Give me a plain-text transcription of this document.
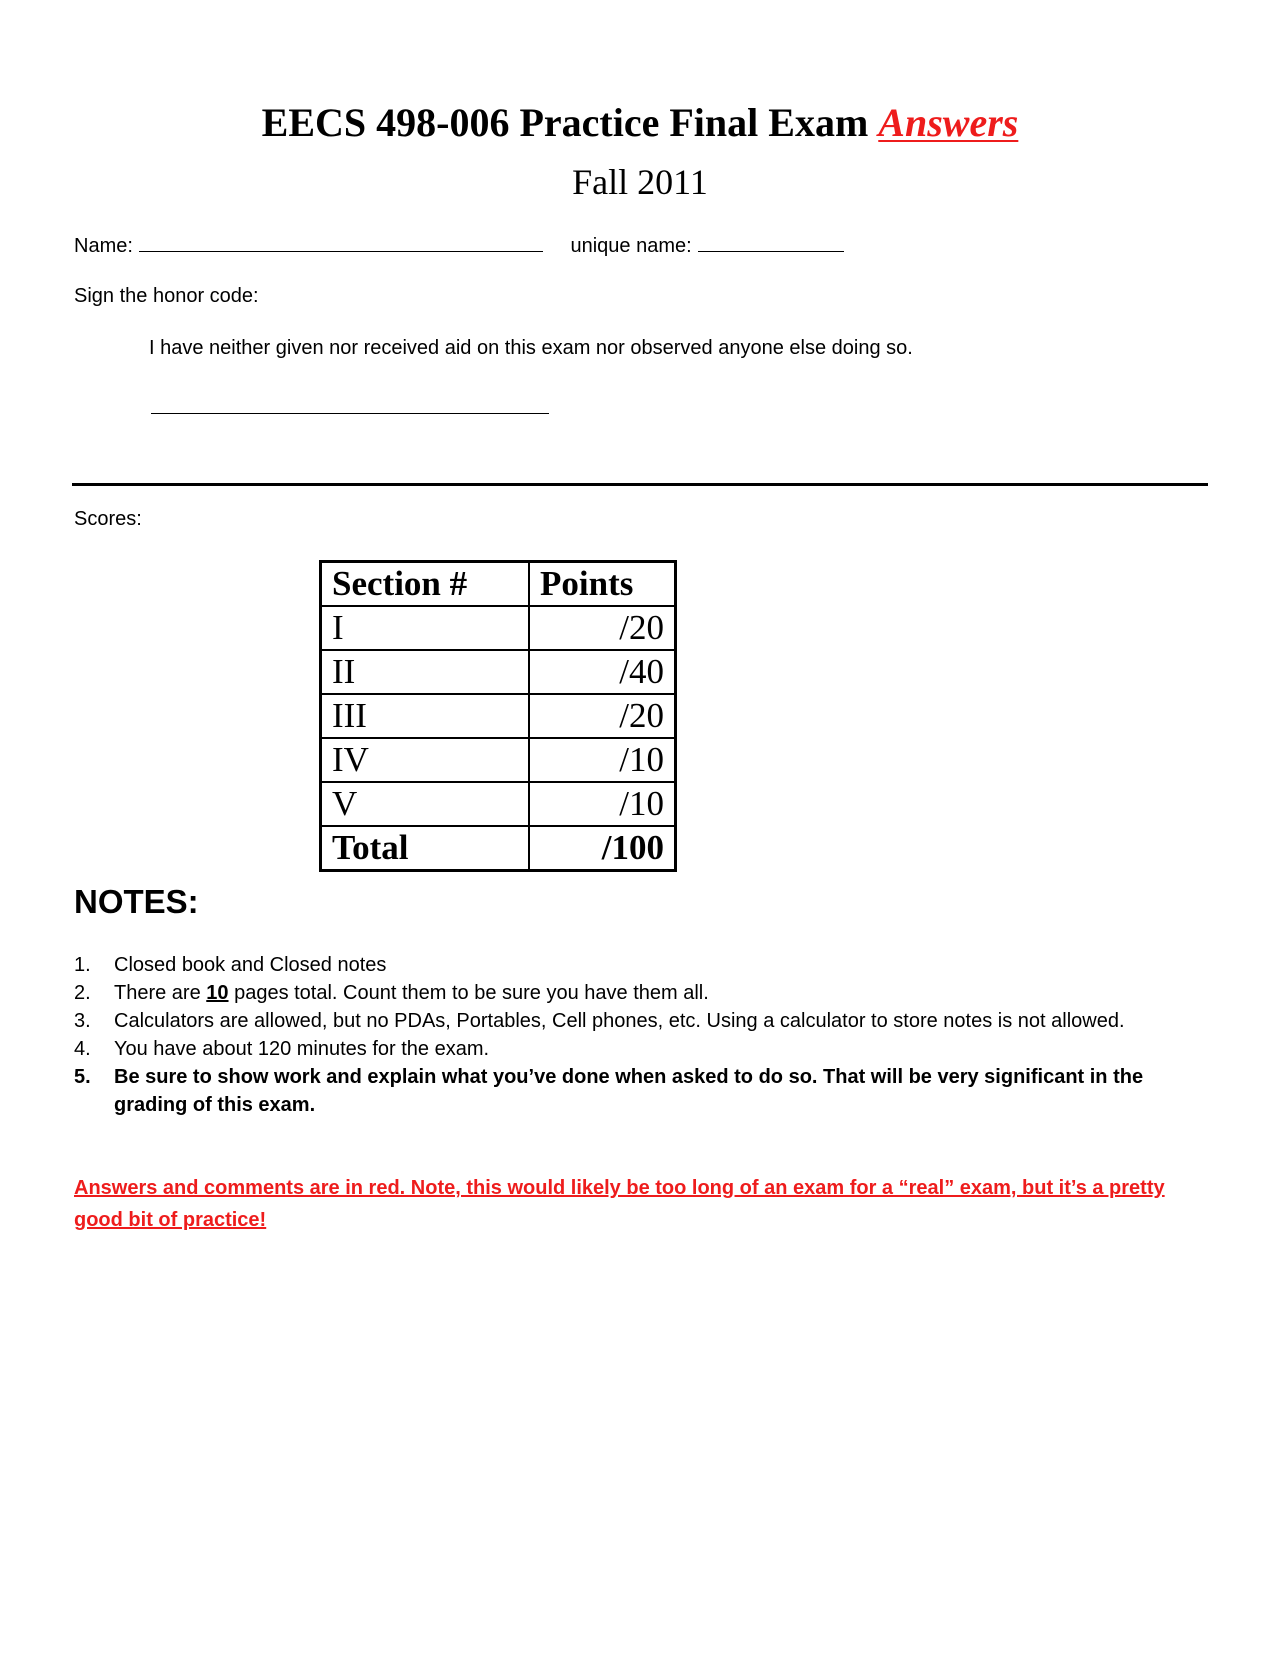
EECS 498-006 Practice Final Exam Answers
Fall 2011
Name:	unique name:
Sign the honor code:
I have neither given nor received aid on this exam nor observed anyone else doing so.
Scores:
Section #	Points
I	/20
II	/40
III	/20
IV	/10
V	/10
Total	/100
NOTES:
1. Closed book and Closed notes
2. There are 10 pages total. Count them to be sure you have them all.
3. Calculators are allowed, but no PDAs, Portables, Cell phones, etc. Using a calculator to store notes is not allowed.
4. You have about 120 minutes for the exam.
5. Be sure to show work and explain what you’ve done when asked to do so. That will be very significant in the grading of this exam.
Answers and comments are in red. Note, this would likely be too long of an exam for a “real” exam, but it’s a pretty good bit of practice!
